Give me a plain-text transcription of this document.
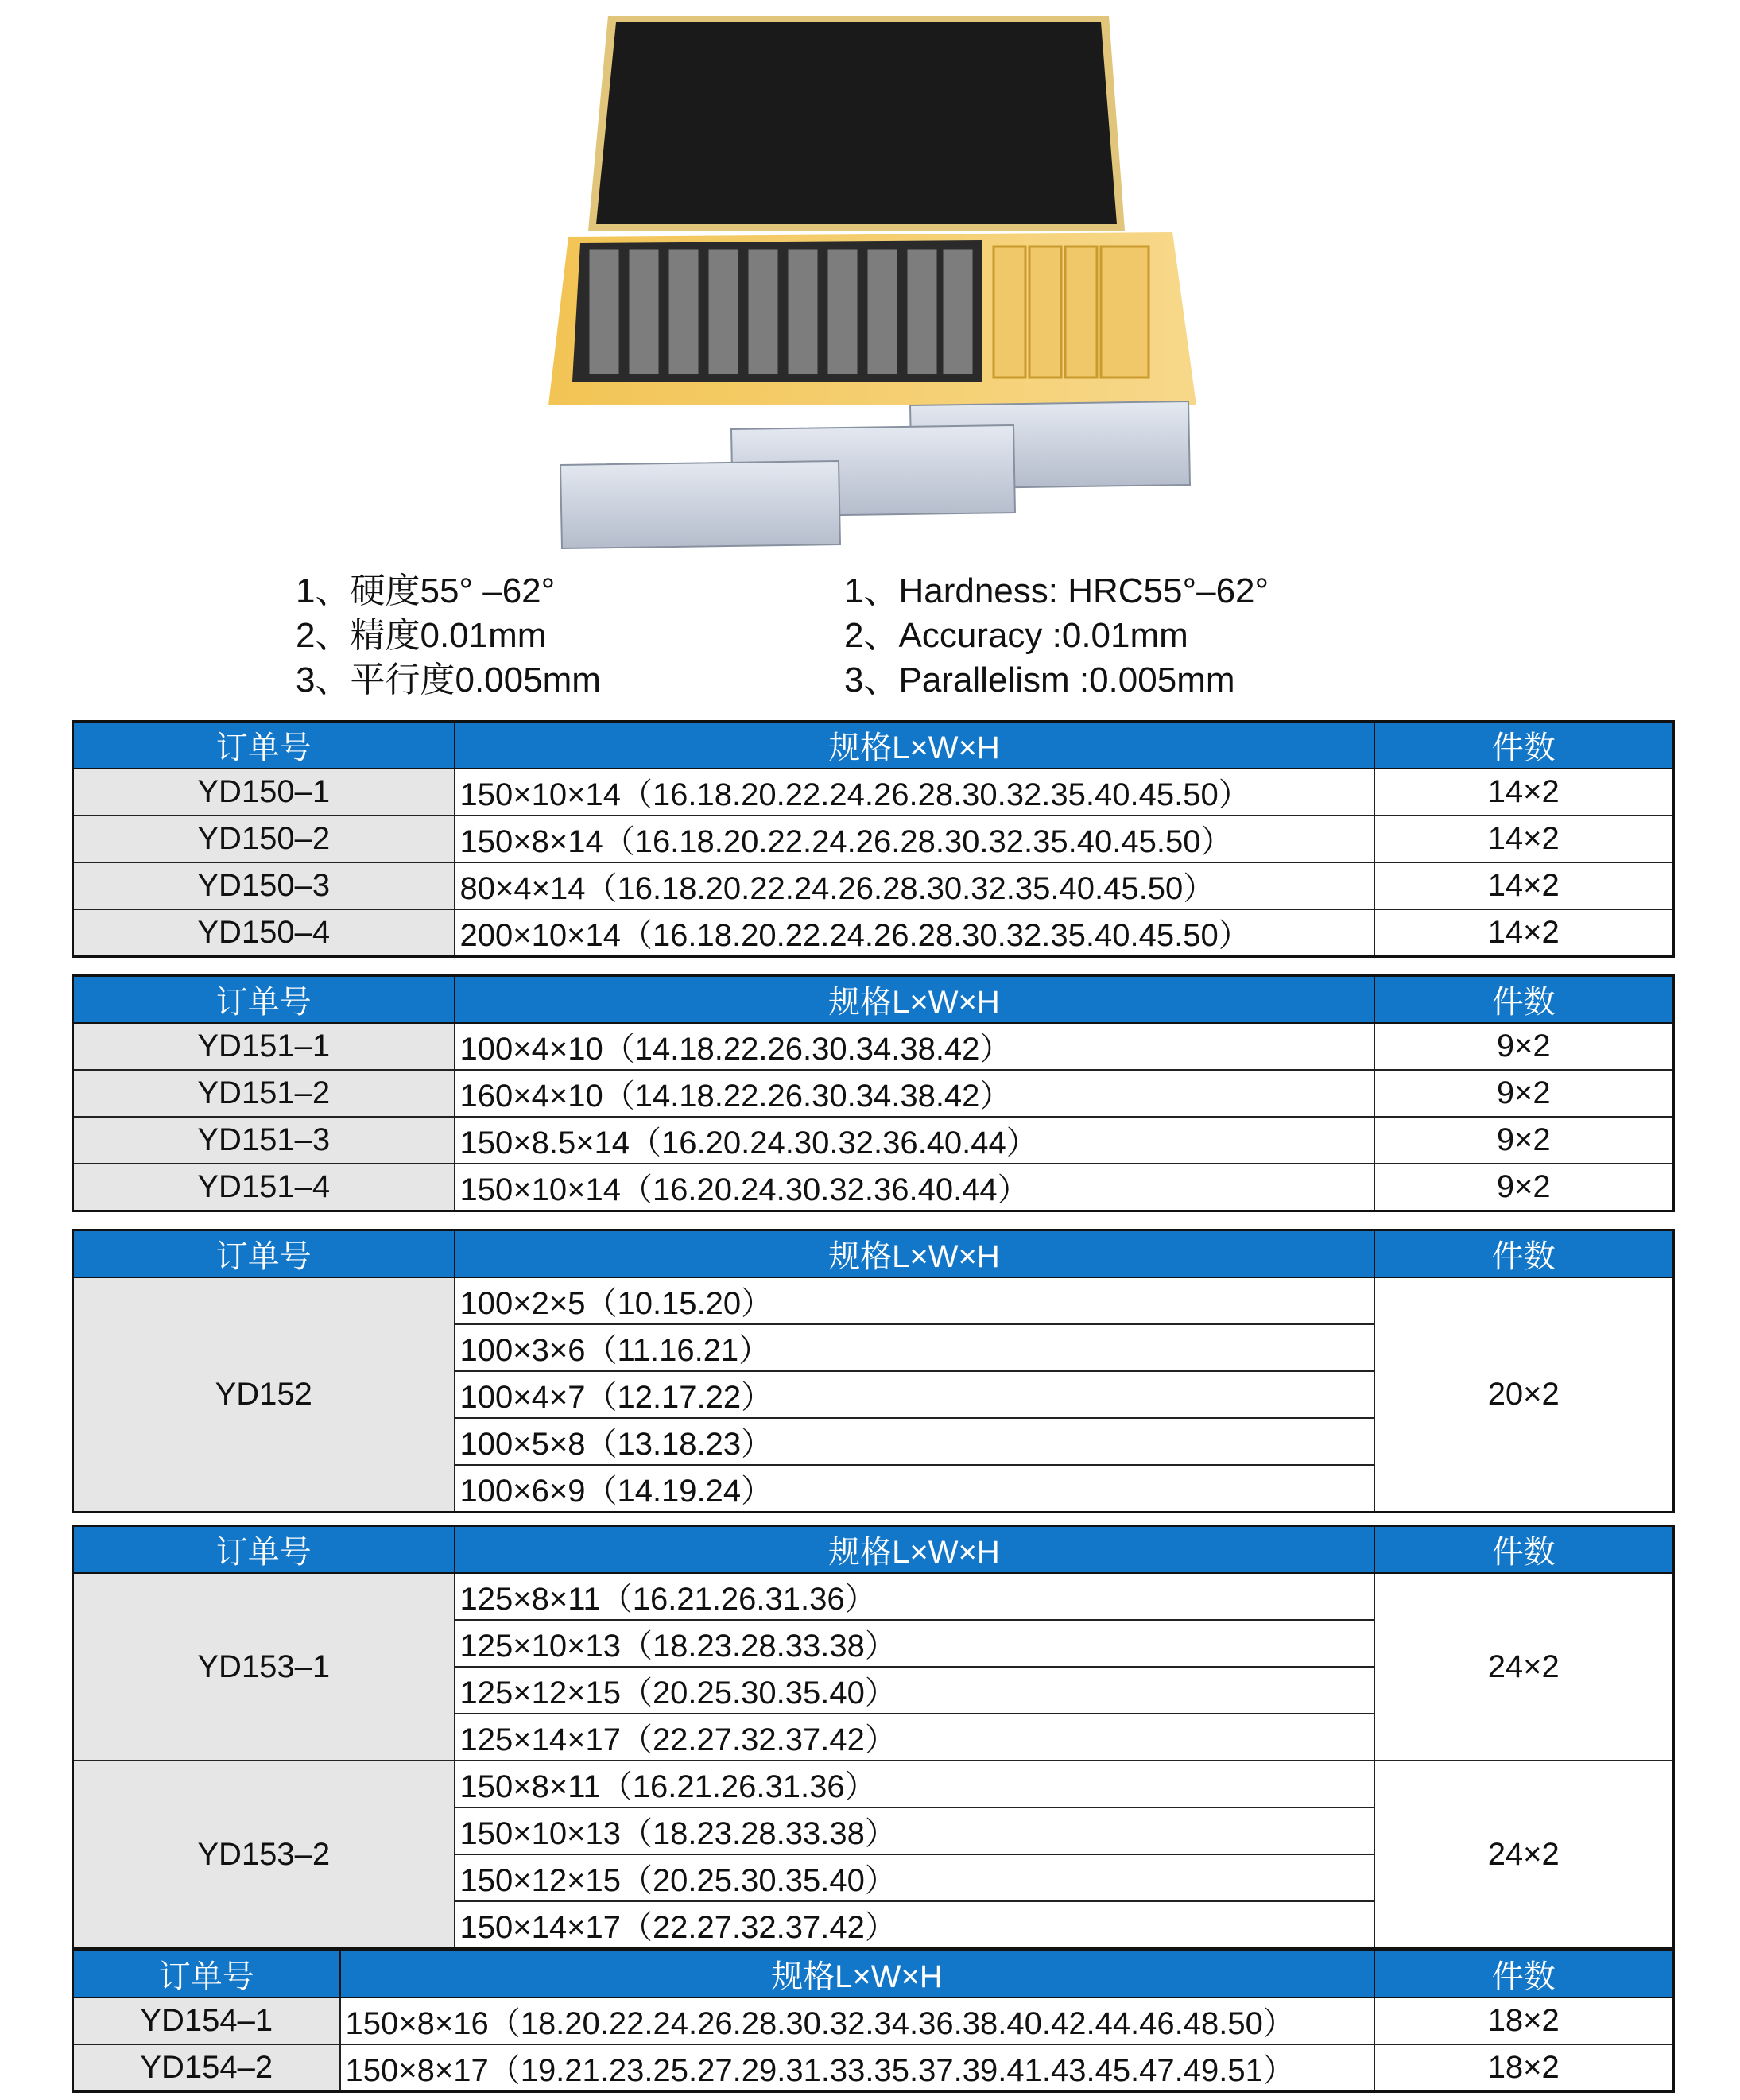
1、硬度55° –62°
2、精度0.01mm
3、平行度0.005mm
1、Hardness: HRC55°–62°
2、Accuracy :0.01mm
3、Parallelism :0.005mm
订单号	规格L×W×H	件数
YD150–1	150×10×14（16.18.20.22.24.26.28.30.32.35.40.45.50）	14×2
YD150–2	150×8×14（16.18.20.22.24.26.28.30.32.35.40.45.50）	14×2
YD150–3	80×4×14（16.18.20.22.24.26.28.30.32.35.40.45.50）	14×2
YD150–4	200×10×14（16.18.20.22.24.26.28.30.32.35.40.45.50）	14×2
订单号	规格L×W×H	件数
YD151–1	100×4×10（14.18.22.26.30.34.38.42）	9×2
YD151–2	160×4×10（14.18.22.26.30.34.38.42）	9×2
YD151–3	150×8.5×14（16.20.24.30.32.36.40.44）	9×2
YD151–4	150×10×14（16.20.24.30.32.36.40.44）	9×2
订单号	规格L×W×H	件数
YD152	100×2×5（10.15.20）	20×2
	100×3×6（11.16.21）	
	100×4×7（12.17.22）	
	100×5×8（13.18.23）	
	100×6×9（14.19.24）	
订单号	规格L×W×H	件数
YD153–1	125×8×11（16.21.26.31.36）	24×2
	125×10×13（18.23.28.33.38）	
	125×12×15（20.25.30.35.40）	
	125×14×17（22.27.32.37.42）	
YD153–2	150×8×11（16.21.26.31.36）	24×2
	150×10×13（18.23.28.33.38）	
	150×12×15（20.25.30.35.40）	
	150×14×17（22.27.32.37.42）	
订单号	规格L×W×H	件数
YD154–1	150×8×16（18.20.22.24.26.28.30.32.34.36.38.40.42.44.46.48.50）	18×2
YD154–2	150×8×17（19.21.23.25.27.29.31.33.35.37.39.41.43.45.47.49.51）	18×2
